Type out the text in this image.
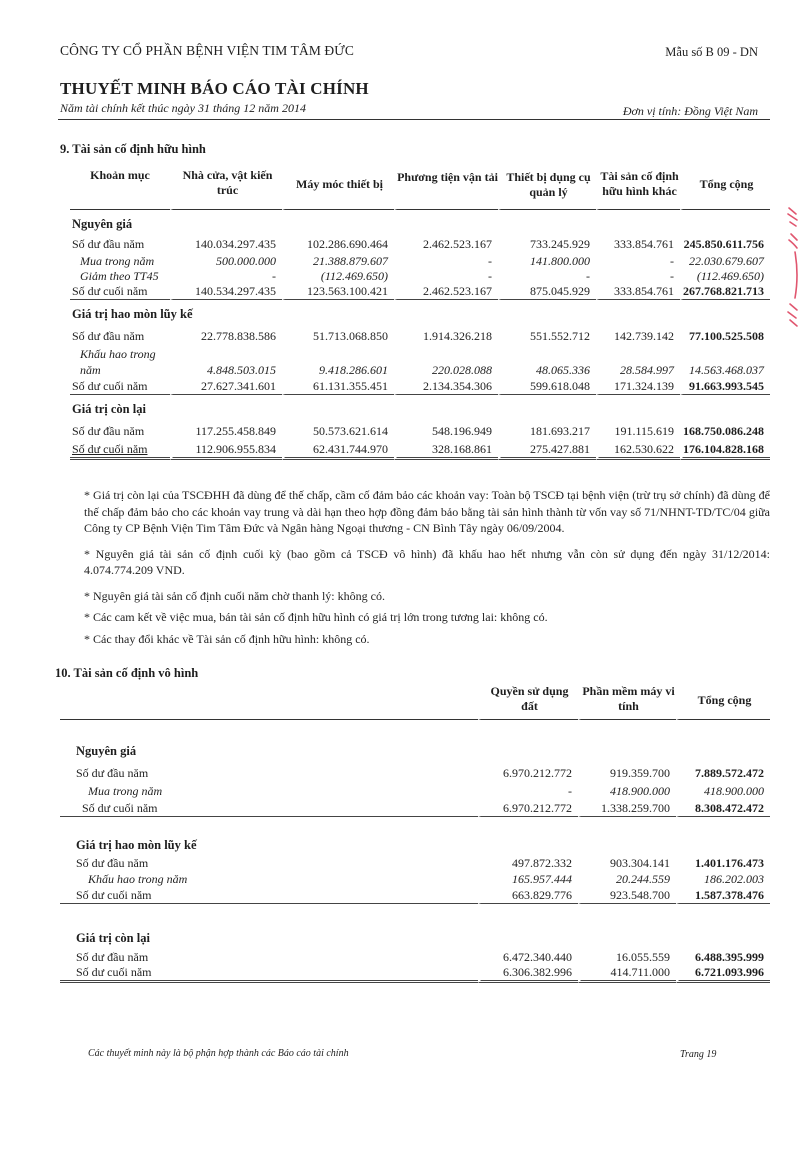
CÔNG TY CỔ PHẦN BỆNH VIỆN TIM TÂM ĐỨC	Mẫu số B 09 - DN
THUYẾT MINH BÁO CÁO TÀI CHÍNH
Năm tài chính kết thúc ngày 31 tháng 12 năm 2014	Đơn vị tính: Đồng Việt Nam
9. Tài sản cố định hữu hình
Khoản mục	Nhà cửa, vật kiến trúc	Máy móc thiết bị	Phương tiện vận tải	Thiết bị dụng cụ quản lý	Tài sản cố định hữu hình khác	Tổng cộng
Nguyên giá						
Số dư đầu năm	140.034.297.435	102.286.690.464	2.462.523.167	733.245.929	333.854.761	245.850.611.756
Mua trong năm	500.000.000	21.388.879.607	-	141.800.000	-	22.030.679.607
Giảm theo TT45	-	(112.469.650)	-	-	-	(112.469.650)
Số dư cuối năm	140.534.297.435	123.563.100.421	2.462.523.167	875.045.929	333.854.761	267.768.821.713
Giá trị hao mòn lũy kế						
Số dư đầu năm	22.778.838.586	51.713.068.850	1.914.326.218	551.552.712	142.739.142	77.100.525.508
Khấu hao trong						
năm	4.848.503.015	9.418.286.601	220.028.088	48.065.336	28.584.997	14.563.468.037
Số dư cuối năm	27.627.341.601	61.131.355.451	2.134.354.306	599.618.048	171.324.139	91.663.993.545
Giá trị còn lại						
Số dư đầu năm	117.255.458.849	50.573.621.614	548.196.949	181.693.217	191.115.619	168.750.086.248
Số dư cuối năm	112.906.955.834	62.431.744.970	328.168.861	275.427.881	162.530.622	176.104.828.168

* Giá trị còn lại của TSCĐHH đã dùng để thế chấp, cầm cố đảm bảo các khoản vay: Toàn bộ TSCĐ tại bệnh viện (trừ trụ sở chính) đã dùng để thế chấp đảm bảo cho các khoản vay trung và dài hạn theo hợp đồng đảm bảo bằng tài sản hình thành từ vốn vay số 71/NHNT-TD/TC/04 giữa Công ty CP Bệnh Viện Tim Tâm Đức và Ngân hàng Ngoại thương - CN Bình Tây ngày 06/09/2004.

* Nguyên giá tài sản cố định cuối kỳ (bao gồm cả TSCĐ vô hình) đã khấu hao hết nhưng vẫn còn sử dụng đến ngày 31/12/2014: 4.074.774.209 VND.

* Nguyên giá tài sản cố định cuối năm chờ thanh lý: không có.

* Các cam kết về việc mua, bán tài sản cố định hữu hình có giá trị lớn trong tương lai: không có.

* Các thay đổi khác về Tài sản cố định hữu hình: không có.

10. Tài sản cố định vô hình
	Quyền sử dụng đất	Phần mềm máy vi tính	Tổng cộng

Nguyên giá			
Số dư đầu năm	6.970.212.772	919.359.700	7.889.572.472
Mua trong năm	-	418.900.000	418.900.000
Số dư cuối năm	6.970.212.772	1.338.259.700	8.308.472.472

Giá trị hao mòn lũy kế			
Số dư đầu năm	497.872.332	903.304.141	1.401.176.473
Khấu hao trong năm	165.957.444	20.244.559	186.202.003
Số dư cuối năm	663.829.776	923.548.700	1.587.378.476

Giá trị còn lại			
Số dư đầu năm	6.472.340.440	16.055.559	6.488.395.999
Số dư cuối năm	6.306.382.996	414.711.000	6.721.093.996
Các thuyết minh này là bộ phận hợp thành các Báo cáo tài chính	Trang 19
